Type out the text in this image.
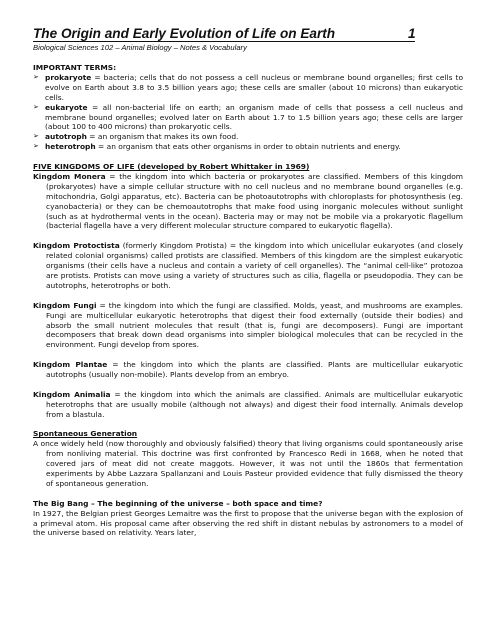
The Origin and Early Evolution of Life on Earth	1
Biological Sciences 102 – Animal Biology – Notes & Vocabulary

IMPORTANT TERMS:

➢ prokaryote = bacteria; cells that do not possess a cell nucleus or membrane bound organelles; first cells to evolve on Earth about 3.8 to 3.5 billion years ago; these cells are smaller (about 10 microns) than eukaryotic cells.

➢ eukaryote = all non-bacterial life on earth; an organism made of cells that possess a cell nucleus and membrane bound organelles; evolved later on Earth about 1.7 to 1.5 billion years ago; these cells are larger (about 100 to 400 microns) than prokaryotic cells.

➢ autotroph = an organism that makes its own food.

➢ heterotroph = an organism that eats other organisms in order to obtain nutrients and energy.

FIVE KINGDOMS OF LIFE (developed by Robert Whittaker in 1969)

Kingdom Monera = the kingdom into which bacteria or prokaryotes are classified. Members of this kingdom (prokaryotes) have a simple cellular structure with no cell nucleus and no membrane bound organelles (e.g. mitochondria, Golgi apparatus, etc). Bacteria can be photoautotrophs with chloroplasts for photosynthesis (eg. cyanobacteria) or they can be chemoautotrophs that make food using inorganic molecules without sunlight (such as at hydrothermal vents in the ocean). Bacteria may or may not be mobile via a prokaryotic flagellum (bacterial flagella have a very different molecular structure compared to eukaryotic flagella).

Kingdom Protoctista (formerly Kingdom Protista) = the kingdom into which unicellular eukaryotes (and closely related colonial organisms) called protists are classified. Members of this kingdom are the simplest eukaryotic organisms (their cells have a nucleus and contain a variety of cell organelles). The “animal cell-like” protozoa are protists. Protists can move using a variety of structures such as cilia, flagella or pseudopodia. They can be autotrophs, heterotrophs or both.

Kingdom Fungi = the kingdom into which the fungi are classified. Molds, yeast, and mushrooms are examples. Fungi are multicellular eukaryotic heterotrophs that digest their food externally (outside their bodies) and absorb the small nutrient molecules that result (that is, fungi are decomposers). Fungi are important decomposers that break down dead organisms into simpler biological molecules that can be recycled in the environment. Fungi develop from spores.

Kingdom Plantae = the kingdom into which the plants are classified. Plants are multicellular eukaryotic autotrophs (usually non-mobile). Plants develop from an embryo.

Kingdom Animalia = the kingdom into which the animals are classified. Animals are multicellular eukaryotic heterotrophs that are usually mobile (although not always) and digest their food internally. Animals develop from a blastula.

Spontaneous Generation

A once widely held (now thoroughly and obviously falsified) theory that living organisms could spontaneously arise from nonliving material. This doctrine was first confronted by Francesco Redi in 1668, when he noted that covered jars of meat did not create maggots. However, it was not until the 1860s that fermentation experiments by Abbe Lazzara Spallanzani and Louis Pasteur provided evidence that fully dismissed the theory of spontaneous generation.

The Big Bang – The beginning of the universe – both space and time?

In 1927, the Belgian priest Georges Lemaitre was the first to propose that the universe began with the explosion of a primeval atom. His proposal came after observing the red shift in distant nebulas by astronomers to a model of the universe based on relativity. Years later,
